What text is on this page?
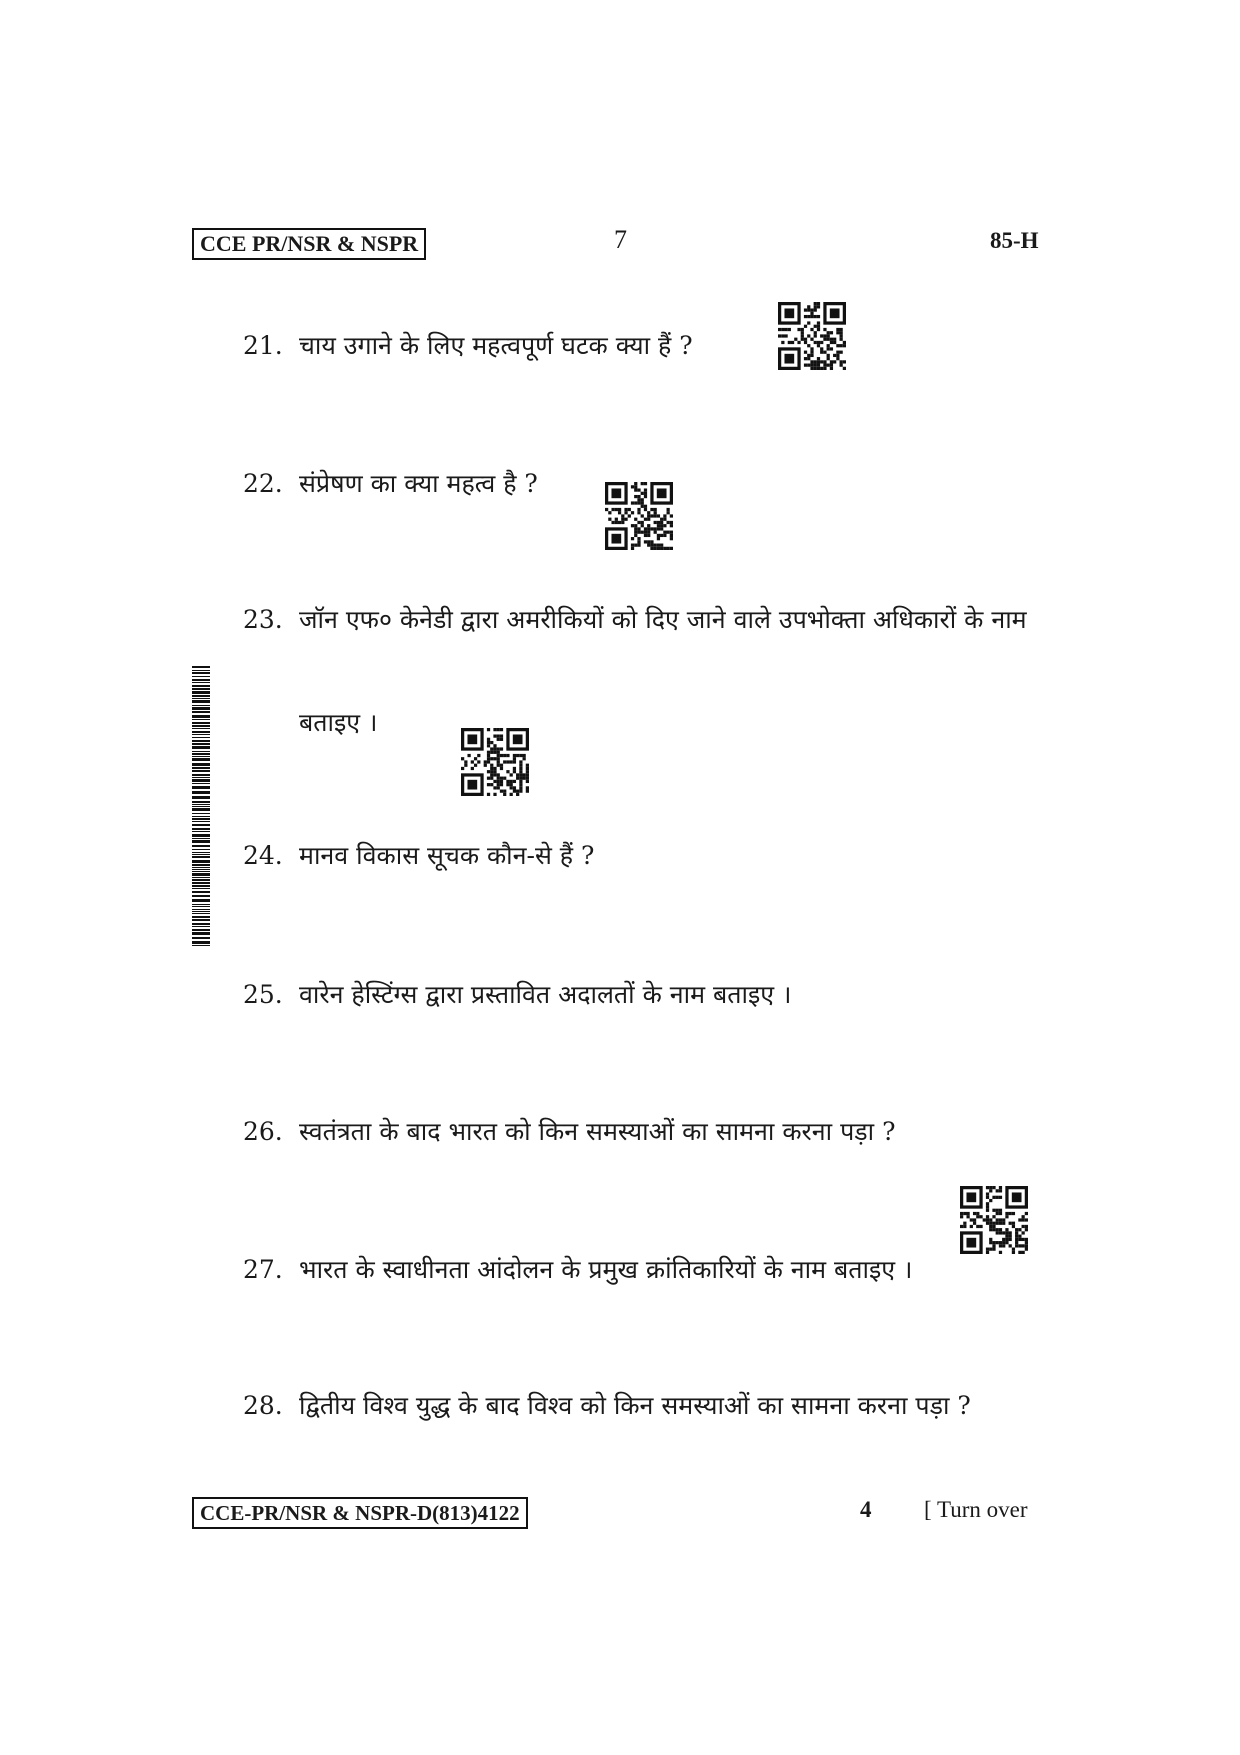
CCE PR/NSR & NSPR	7	85-H
21. चाय उगाने के लिए महत्वपूर्ण घटक क्या हैं ?
22. संप्रेषण का क्या महत्व है ?
23. जॉन एफ० केनेडी द्वारा अमरीकियों को दिए जाने वाले उपभोक्ता अधिकारों के नाम
बताइए ।
24. मानव विकास सूचक कौन-से हैं ?
25. वारेन हेस्टिंग्स द्वारा प्रस्तावित अदालतों के नाम बताइए ।
26. स्वतंत्रता के बाद भारत को किन समस्याओं का सामना करना पड़ा ?
27. भारत के स्वाधीनता आंदोलन के प्रमुख क्रांतिकारियों के नाम बताइए ।
28. द्वितीय विश्व युद्ध के बाद विश्व को किन समस्याओं का सामना करना पड़ा ?
CCE-PR/NSR & NSPR-D(813)4122	4 [ Turn over
